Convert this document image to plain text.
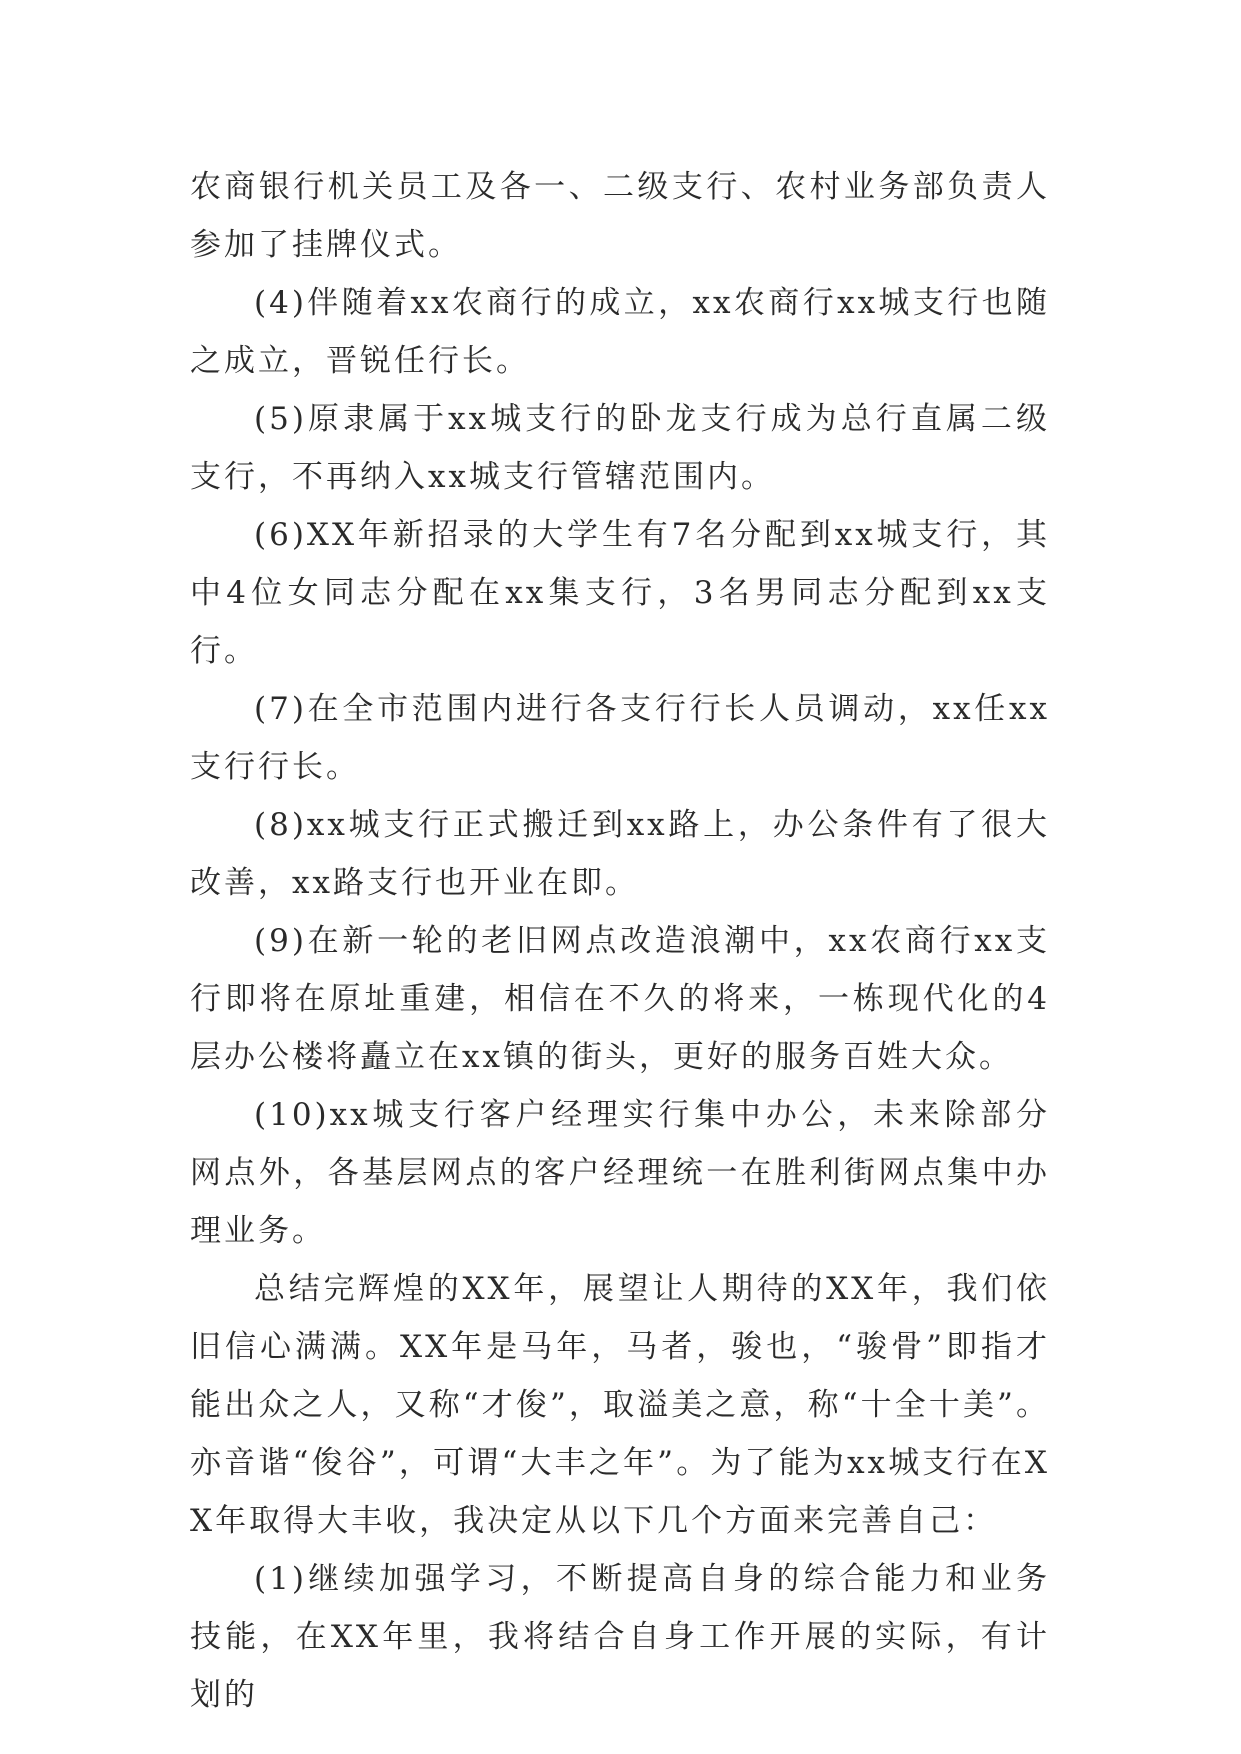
农商银行机关员工及各一、二级支行、农村业务部负责人参加了挂牌仪式。

(4)伴随着xx农商行的成立，xx农商行xx城支行也随之成立，晋锐任行长。

(5)原隶属于xx城支行的卧龙支行成为总行直属二级支行，不再纳入xx城支行管辖范围内。

(6)XX年新招录的大学生有7名分配到xx城支行，其中4位女同志分配在xx集支行，3名男同志分配到xx支行。

(7)在全市范围内进行各支行行长人员调动，xx任xx支行行长。

(8)xx城支行正式搬迁到xx路上，办公条件有了很大改善，xx路支行也开业在即。

(9)在新一轮的老旧网点改造浪潮中，xx农商行xx支行即将在原址重建，相信在不久的将来，一栋现代化的4层办公楼将矗立在xx镇的街头，更好的服务百姓大众。

(10)xx城支行客户经理实行集中办公，未来除部分网点外，各基层网点的客户经理统一在胜利街网点集中办理业务。

总结完辉煌的XX年，展望让人期待的XX年，我们依旧信心满满。XX年是马年，马者，骏也，“骏骨”即指才能出众之人，又称“才俊”，取溢美之意，称“十全十美”。亦音谐“俊谷”，可谓“大丰之年”。为了能为xx城支行在XX年取得大丰收，我决定从以下几个方面来完善自己：

(1)继续加强学习，不断提高自身的综合能力和业务技能，在XX年里，我将结合自身工作开展的实际，有计划的
